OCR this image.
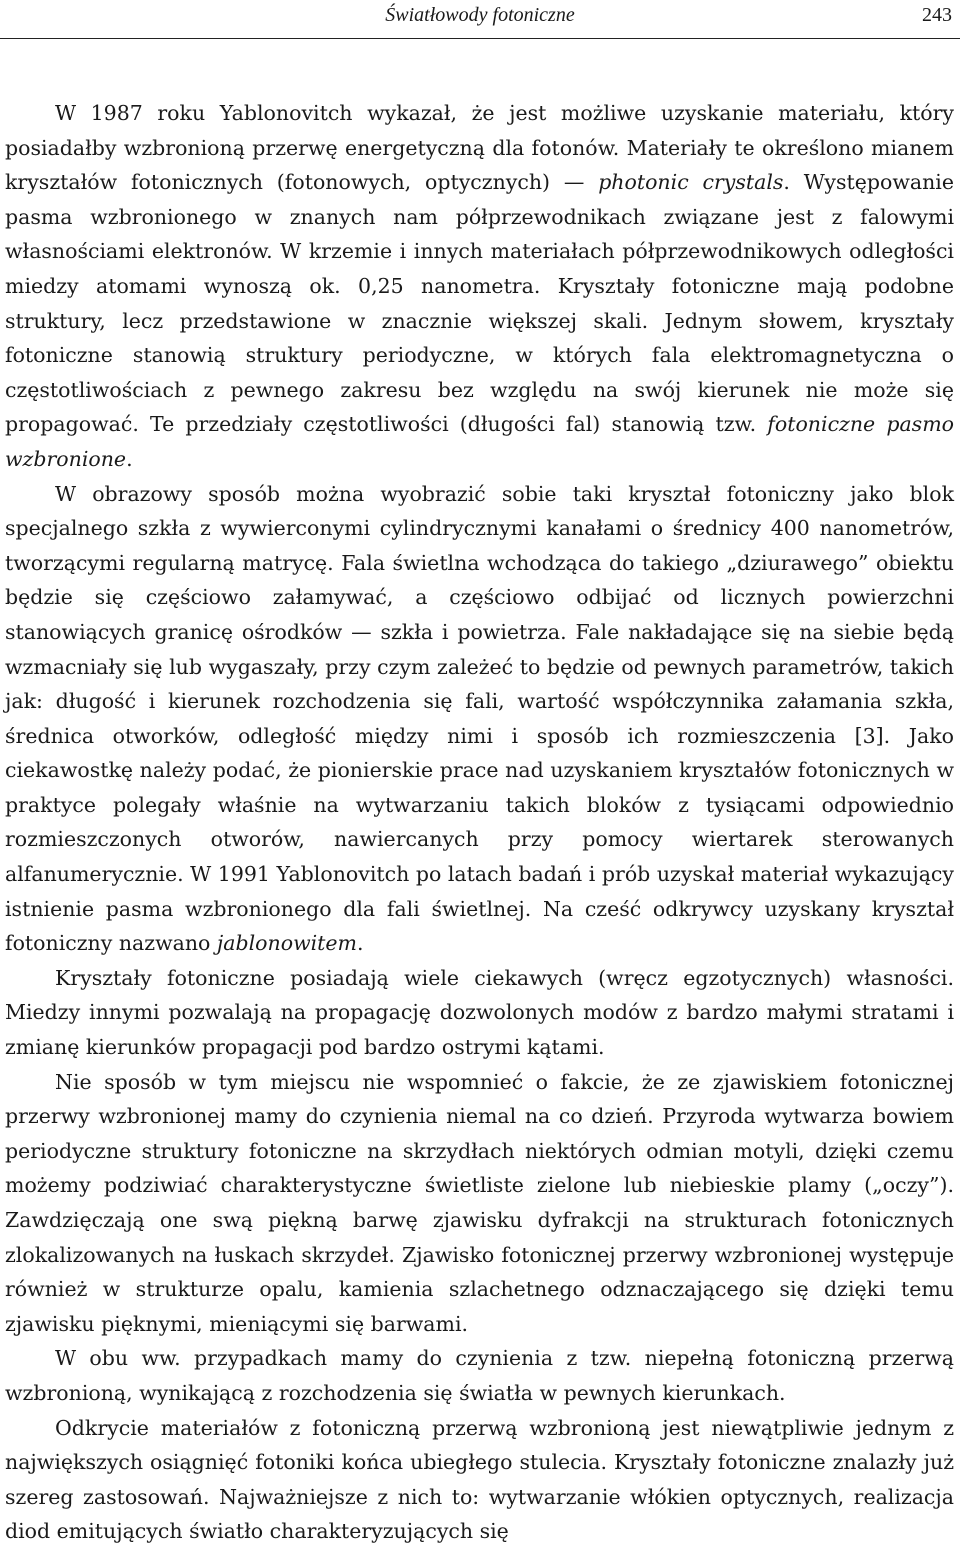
Światłowody fotoniczne	243

W 1987 roku Yablonovitch wykazał, że jest możliwe uzyskanie materiału, który posiadałby wzbronioną przerwę energetyczną dla fotonów. Materiały te określono mianem kryształów fotonicznych (fotonowych, optycznych) — photonic crystals. Występowanie pasma wzbronionego w znanych nam półprzewodnikach związane jest z falowymi własnościami elektronów. W krzemie i innych materiałach półprzewodnikowych odległości miedzy atomami wynoszą ok. 0,25 nanometra. Kryształy fotoniczne mają podobne struktury, lecz przedstawione w znacznie większej skali. Jednym słowem, kryształy fotoniczne stanowią struktury periodyczne, w których fala elektromagnetyczna o częstotliwościach z pewnego zakresu bez względu na swój kierunek nie może się propagować. Te przedziały częstotliwości (długości fal) stanowią tzw. fotoniczne pasmo wzbronione.

W obrazowy sposób można wyobrazić sobie taki kryształ fotoniczny jako blok specjalnego szkła z wywierconymi cylindrycznymi kanałami o średnicy 400 nanometrów, tworzącymi regularną matrycę. Fala świetlna wchodząca do takiego „dziurawego” obiektu będzie się częściowo załamywać, a częściowo odbijać od licznych powierzchni stanowiących granicę ośrodków — szkła i powietrza. Fale nakładające się na siebie będą wzmacniały się lub wygaszały, przy czym zależeć to będzie od pewnych parametrów, takich jak: długość i kierunek rozchodzenia się fali, wartość współczynnika załamania szkła, średnica otworków, odległość między nimi i sposób ich rozmieszczenia [3]. Jako ciekawostkę należy podać, że pionierskie prace nad uzyskaniem kryształów fotonicznych w praktyce polegały właśnie na wytwarzaniu takich bloków z tysiącami odpowiednio rozmieszczonych otworów, nawiercanych przy pomocy wiertarek sterowanych alfanumerycznie. W 1991 Yablonovitch po latach badań i prób uzyskał materiał wykazujący istnienie pasma wzbronionego dla fali świetlnej. Na cześć odkrywcy uzyskany kryształ fotoniczny nazwano jablonowitem.

Kryształy fotoniczne posiadają wiele ciekawych (wręcz egzotycznych) własności. Miedzy innymi pozwalają na propagację dozwolonych modów z bardzo małymi stratami i zmianę kierunków propagacji pod bardzo ostrymi kątami.

Nie sposób w tym miejscu nie wspomnieć o fakcie, że ze zjawiskiem fotonicznej przerwy wzbronionej mamy do czynienia niemal na co dzień. Przyroda wytwarza bowiem periodyczne struktury fotoniczne na skrzydłach niektórych odmian motyli, dzięki czemu możemy podziwiać charakterystyczne świetliste zielone lub niebieskie plamy („oczy”). Zawdzięczają one swą piękną barwę zjawisku dyfrakcji na strukturach fotonicznych zlokalizowanych na łuskach skrzydeł. Zjawisko fotonicznej przerwy wzbronionej występuje również w strukturze opalu, kamienia szlachetnego odznaczającego się dzięki temu zjawisku pięknymi, mieniącymi się barwami.

W obu ww. przypadkach mamy do czynienia z tzw. niepełną fotoniczną przerwą wzbronioną, wynikającą z rozchodzenia się światła w pewnych kierunkach.

Odkrycie materiałów z fotoniczną przerwą wzbronioną jest niewątpliwie jednym z największych osiągnięć fotoniki końca ubiegłego stulecia. Kryształy fotoniczne znalazły już szereg zastosowań. Najważniejsze z nich to: wytwarzanie włókien optycznych, realizacja diod emitujących światło charakteryzujących się
